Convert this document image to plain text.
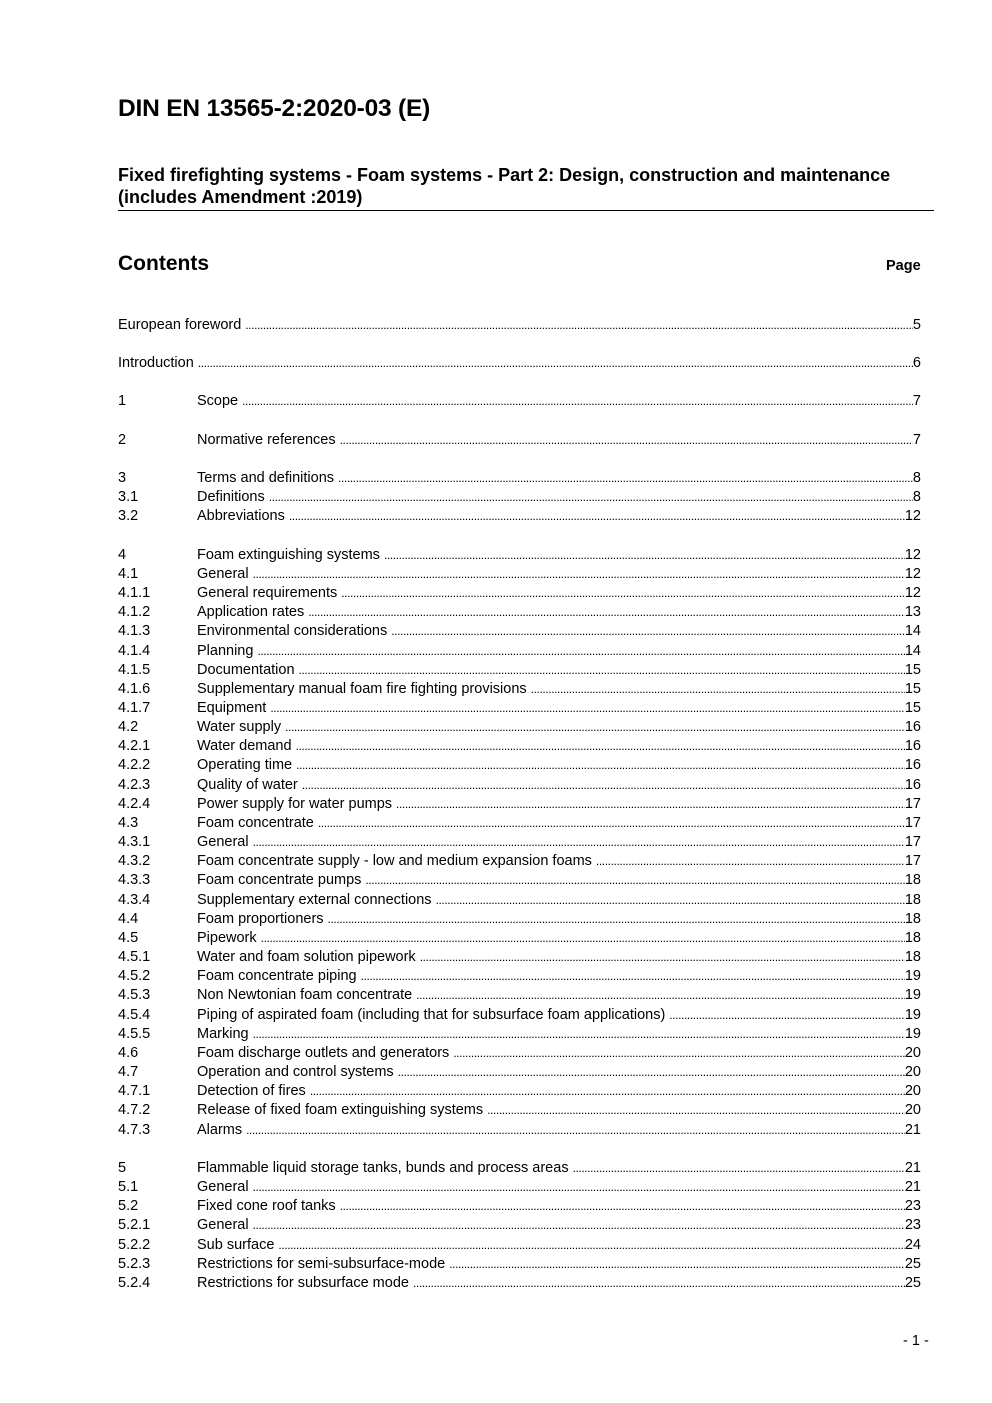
DIN EN 13565-2:2020-03 (E)
Fixed firefighting systems - Foam systems - Part 2: Design, construction and maintenance (includes Amendment :2019)
Contents	Page
European foreword .....	5
Introduction .....	6
1	Scope .....	7
2	Normative references .....	7
3	Terms and definitions .....	8
3.1	Definitions .....	8
3.2	Abbreviations .....	12
4	Foam extinguishing systems .....	12
4.1	General .....	12
4.1.1	General requirements .....	12
4.1.2	Application rates .....	13
4.1.3	Environmental considerations .....	14
4.1.4	Planning .....	14
4.1.5	Documentation .....	15
4.1.6	Supplementary manual foam fire fighting provisions .....	15
4.1.7	Equipment .....	15
4.2	Water supply .....	16
4.2.1	Water demand .....	16
4.2.2	Operating time .....	16
4.2.3	Quality of water .....	16
4.2.4	Power supply for water pumps .....	17
4.3	Foam concentrate .....	17
4.3.1	General .....	17
4.3.2	Foam concentrate supply - low and medium expansion foams .....	17
4.3.3	Foam concentrate pumps .....	18
4.3.4	Supplementary external connections .....	18
4.4	Foam proportioners .....	18
4.5	Pipework .....	18
4.5.1	Water and foam solution pipework .....	18
4.5.2	Foam concentrate piping .....	19
4.5.3	Non Newtonian foam concentrate .....	19
4.5.4	Piping of aspirated foam (including that for subsurface foam applications) .....	19
4.5.5	Marking .....	19
4.6	Foam discharge outlets and generators .....	20
4.7	Operation and control systems .....	20
4.7.1	Detection of fires .....	20
4.7.2	Release of fixed foam extinguishing systems .....	20
4.7.3	Alarms .....	21
5	Flammable liquid storage tanks, bunds and process areas .....	21
5.1	General .....	21
5.2	Fixed cone roof tanks .....	23
5.2.1	General .....	23
5.2.2	Sub surface .....	24
5.2.3	Restrictions for semi-subsurface-mode .....	25
5.2.4	Restrictions for subsurface mode .....	25
- 1 -
